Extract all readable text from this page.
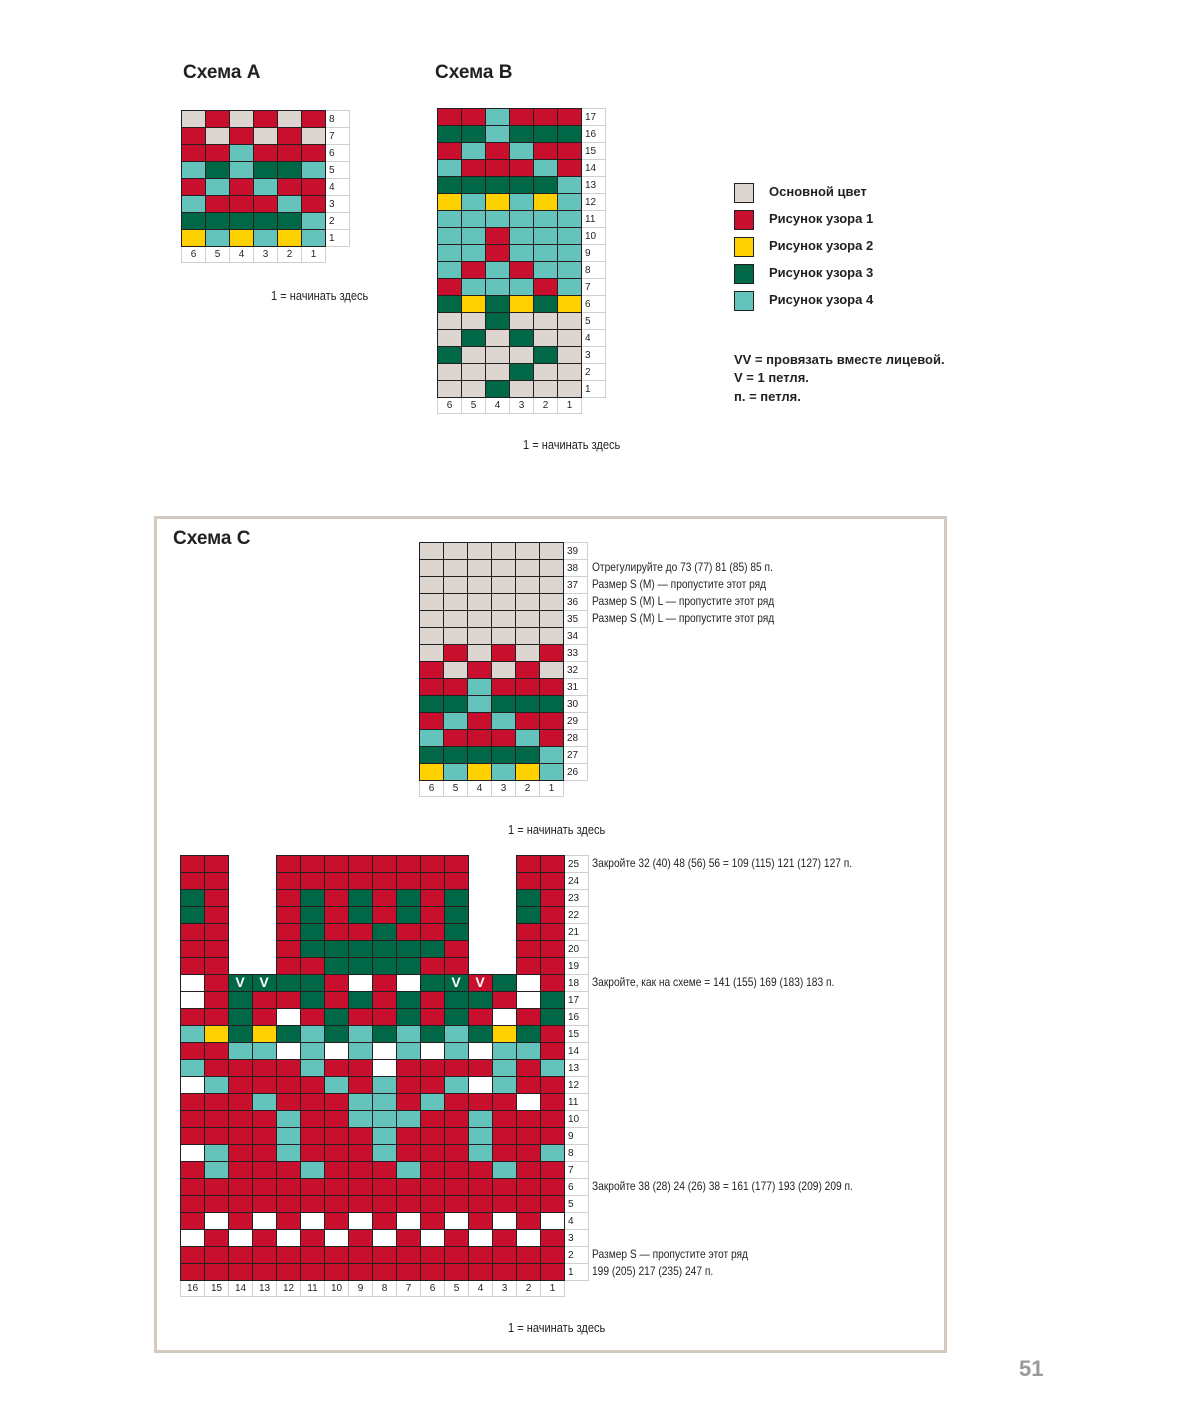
Схема A	Схема B
8
7
6
5
4
3
2
1
6	5	4	3	2	1
17
16
15
14
13
12
11
10
9
8
7
6
5
4
3
2
1
6	5	4	3	2	1
1 = начинать здесь
1 = начинать здесь
Основной цвет
Рисунок узора 1
Рисунок узора 2
Рисунок узора 3
Рисунок узора 4
VV = провязать вместе лицевой.
V = 1 петля.
п. = петля.
Схема C
39
38
37
36
35
34
33
32
31
30
29
28
27
26
6	5	4	3	2	1
Отрегулируйте до 73 (77) 81 (85) 85 п.
Размер S (M) — пропустите этот ряд
Размер S (M) L — пропустите этот ряд
Размер S (M) L — пропустите этот ряд
1 = начинать здесь
25
24
23
22
21
20
19
18
17
16
15
14
13
12
11
10
9
8
7
6
5
4
3
2
1
16	15	14	13	12	11	10	9	8	7	6	5	4	3	2	1
V	V	V	V
Закройте 32 (40) 48 (56) 56 = 109 (115) 121 (127) 127 п.
Закройте, как на схеме = 141 (155) 169 (183) 183 п.
Закройте 38 (28) 24 (26) 38 = 161 (177) 193 (209) 209 п.
Размер S — пропустите этот ряд
199 (205) 217 (235) 247 п.
1 = начинать здесь
51
